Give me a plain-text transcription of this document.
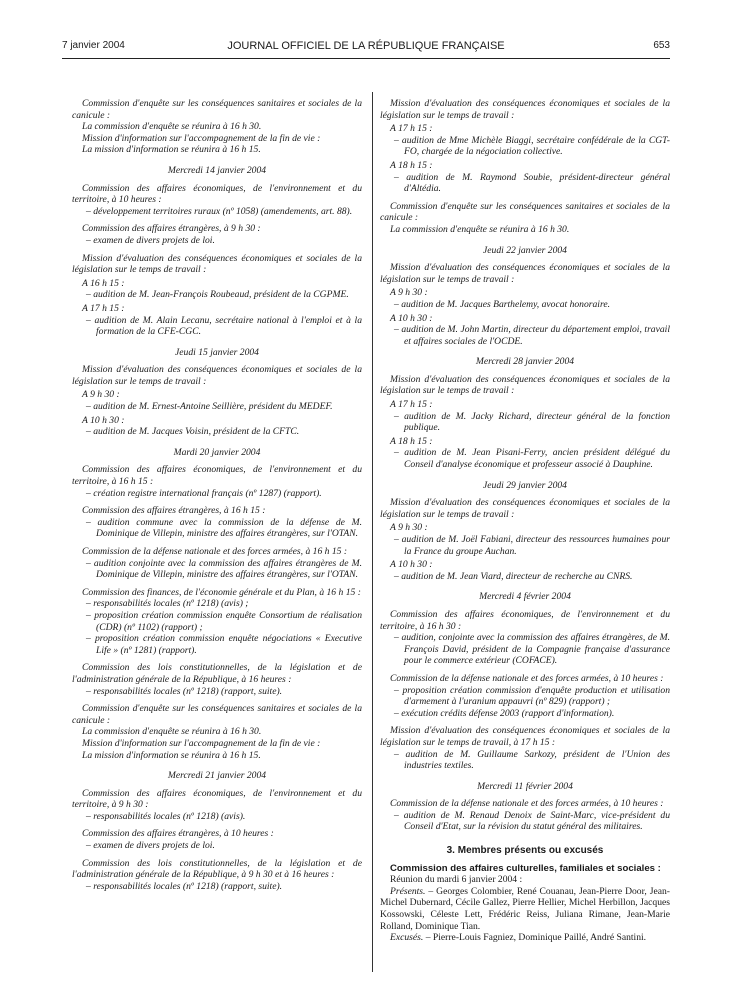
7 janvier 2004	JOURNAL OFFICIEL DE LA RÉPUBLIQUE FRANÇAISE	653

Commission d'enquête sur les conséquences sanitaires et sociales de la canicule :

La commission d'enquête se réunira à 16 h 30.

Mission d'information sur l'accompagnement de la fin de vie :

La mission d'information se réunira à 16 h 15.

Mercredi 14 janvier 2004

Commission des affaires économiques, de l'environnement et du territoire, à 10 heures :

– développement territoires ruraux (nº 1058) (amendements, art. 88).

Commission des affaires étrangères, à 9 h 30 :

– examen de divers projets de loi.

Mission d'évaluation des conséquences économiques et sociales de la législation sur le temps de travail :

A 16 h 15 :

– audition de M. Jean-François Roubeaud, président de la CGPME.

A 17 h 15 :

– audition de M. Alain Lecanu, secrétaire national à l'emploi et à la formation de la CFE-CGC.

Jeudi 15 janvier 2004

Mission d'évaluation des conséquences économiques et sociales de la législation sur le temps de travail :

A 9 h 30 :

– audition de M. Ernest-Antoine Seillière, président du MEDEF.

A 10 h 30 :

– audition de M. Jacques Voisin, président de la CFTC.

Mardi 20 janvier 2004

Commission des affaires économiques, de l'environnement et du territoire, à 16 h 15 :

– création registre international français (nº 1287) (rapport).

Commission des affaires étrangères, à 16 h 15 :

– audition commune avec la commission de la défense de M. Dominique de Villepin, ministre des affaires étrangères, sur l'OTAN.

Commission de la défense nationale et des forces armées, à 16 h 15 :

– audition conjointe avec la commission des affaires étrangères de M. Dominique de Villepin, ministre des affaires étrangères, sur l'OTAN.

Commission des finances, de l'économie générale et du Plan, à 16 h 15 :

– responsabilités locales (nº 1218) (avis) ;

– proposition création commission enquête Consortium de réalisation (CDR) (nº 1102) (rapport) ;

– proposition création commission enquête négociations « Executive Life » (nº 1281) (rapport).

Commission des lois constitutionnelles, de la législation et de l'administration générale de la République, à 16 heures :

– responsabilités locales (nº 1218) (rapport, suite).

Commission d'enquête sur les conséquences sanitaires et sociales de la canicule :

La commission d'enquête se réunira à 16 h 30.

Mission d'information sur l'accompagnement de la fin de vie :

La mission d'information se réunira à 16 h 15.

Mercredi 21 janvier 2004

Commission des affaires économiques, de l'environnement et du territoire, à 9 h 30 :

– responsabilités locales (nº 1218) (avis).

Commission des affaires étrangères, à 10 heures :

– examen de divers projets de loi.

Commission des lois constitutionnelles, de la législation et de l'administration générale de la République, à 9 h 30 et à 16 heures :

– responsabilités locales (nº 1218) (rapport, suite).

Mission d'évaluation des conséquences économiques et sociales de la législation sur le temps de travail :

A 17 h 15 :

– audition de Mme Michèle Biaggi, secrétaire confédérale de la CGT-FO, chargée de la négociation collective.

A 18 h 15 :

– audition de M. Raymond Soubie, président-directeur général d'Altédia.

Commission d'enquête sur les conséquences sanitaires et sociales de la canicule :

La commission d'enquête se réunira à 16 h 30.

Jeudi 22 janvier 2004

Mission d'évaluation des conséquences économiques et sociales de la législation sur le temps de travail :

A 9 h 30 :

– audition de M. Jacques Barthelemy, avocat honoraire.

A 10 h 30 :

– audition de M. John Martin, directeur du département emploi, travail et affaires sociales de l'OCDE.

Mercredi 28 janvier 2004

Mission d'évaluation des conséquences économiques et sociales de la législation sur le temps de travail :

A 17 h 15 :

– audition de M. Jacky Richard, directeur général de la fonction publique.

A 18 h 15 :

– audition de M. Jean Pisani-Ferry, ancien président délégué du Conseil d'analyse économique et professeur associé à Dauphine.

Jeudi 29 janvier 2004

Mission d'évaluation des conséquences économiques et sociales de la législation sur le temps de travail :

A 9 h 30 :

– audition de M. Joël Fabiani, directeur des ressources humaines pour la France du groupe Auchan.

A 10 h 30 :

– audition de M. Jean Viard, directeur de recherche au CNRS.

Mercredi 4 février 2004

Commission des affaires économiques, de l'environnement et du territoire, à 16 h 30 :

– audition, conjointe avec la commission des affaires étrangères, de M. François David, président de la Compagnie française d'assurance pour le commerce extérieur (COFACE).

Commission de la défense nationale et des forces armées, à 10 heures :

– proposition création commission d'enquête production et utilisation d'armement à l'uranium appauvri (nº 829) (rapport) ;

– exécution crédits défense 2003 (rapport d'information).

Mission d'évaluation des conséquences économiques et sociales de la législation sur le temps de travail, à 17 h 15 :

– audition de M. Guillaume Sarkozy, président de l'Union des industries textiles.

Mercredi 11 février 2004

Commission de la défense nationale et des forces armées, à 10 heures :

– audition de M. Renaud Denoix de Saint-Marc, vice-président du Conseil d'Etat, sur la révision du statut général des militaires.

3. Membres présents ou excusés

Commission des affaires culturelles, familiales et sociales :

Réunion du mardi 6 janvier 2004 :

Présents. – Georges Colombier, René Couanau, Jean-Pierre Door, Jean-Michel Dubernard, Cécile Gallez, Pierre Hellier, Michel Herbillon, Jacques Kossowski, Céleste Lett, Frédéric Reiss, Juliana Rimane, Jean-Marie Rolland, Dominique Tian.

Excusés. – Pierre-Louis Fagniez, Dominique Paillé, André Santini.
